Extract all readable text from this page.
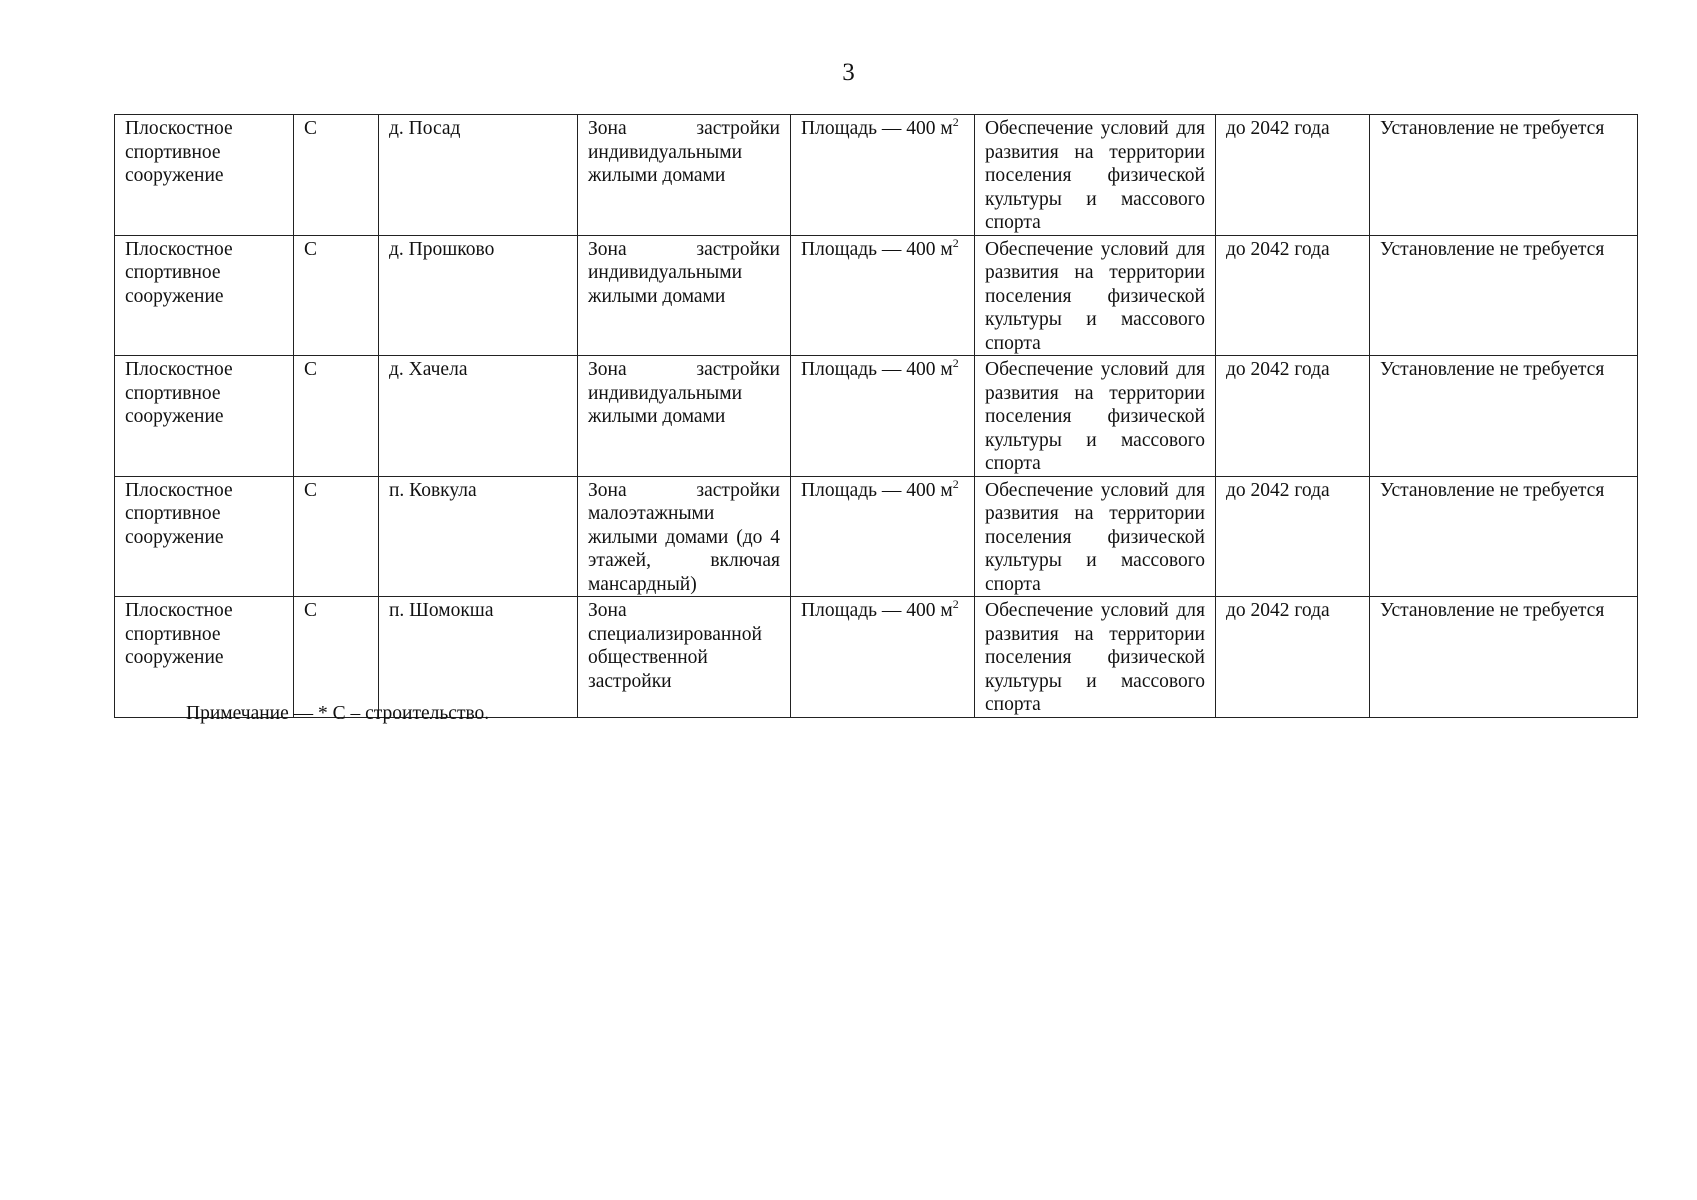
3
Плоскостное спортивное сооружение	С	д. Посад	Зона застройки индивидуальными жилыми домами	Площадь — 400 $м^2$	Обеспечение условий для развития на территории поселения физической культуры и массового спорта	до 2042 года	Установление не требуется
Плоскостное спортивное сооружение	С	д. Прошково	Зона застройки индивидуальными жилыми домами	Площадь — 400 $м^2$	Обеспечение условий для развития на территории поселения физической культуры и массового спорта	до 2042 года	Установление не требуется
Плоскостное спортивное сооружение	С	д. Хачела	Зона застройки индивидуальными жилыми домами	Площадь — 400 $м^2$	Обеспечение условий для развития на территории поселения физической культуры и массового спорта	до 2042 года	Установление не требуется
Плоскостное спортивное сооружение	С	п. Ковкула	Зона застройки малоэтажными жилыми домами (до 4 этажей, включая мансардный)	Площадь — 400 $м^2$	Обеспечение условий для развития на территории поселения физической культуры и массового спорта	до 2042 года	Установление не требуется
Плоскостное спортивное сооружение	С	п. Шомокша	Зона специализированной общественной застройки	Площадь — 400 $м^2$	Обеспечение условий для развития на территории поселения физической культуры и массового спорта	до 2042 года	Установление не требуется
Примечание — * С – строительство.
